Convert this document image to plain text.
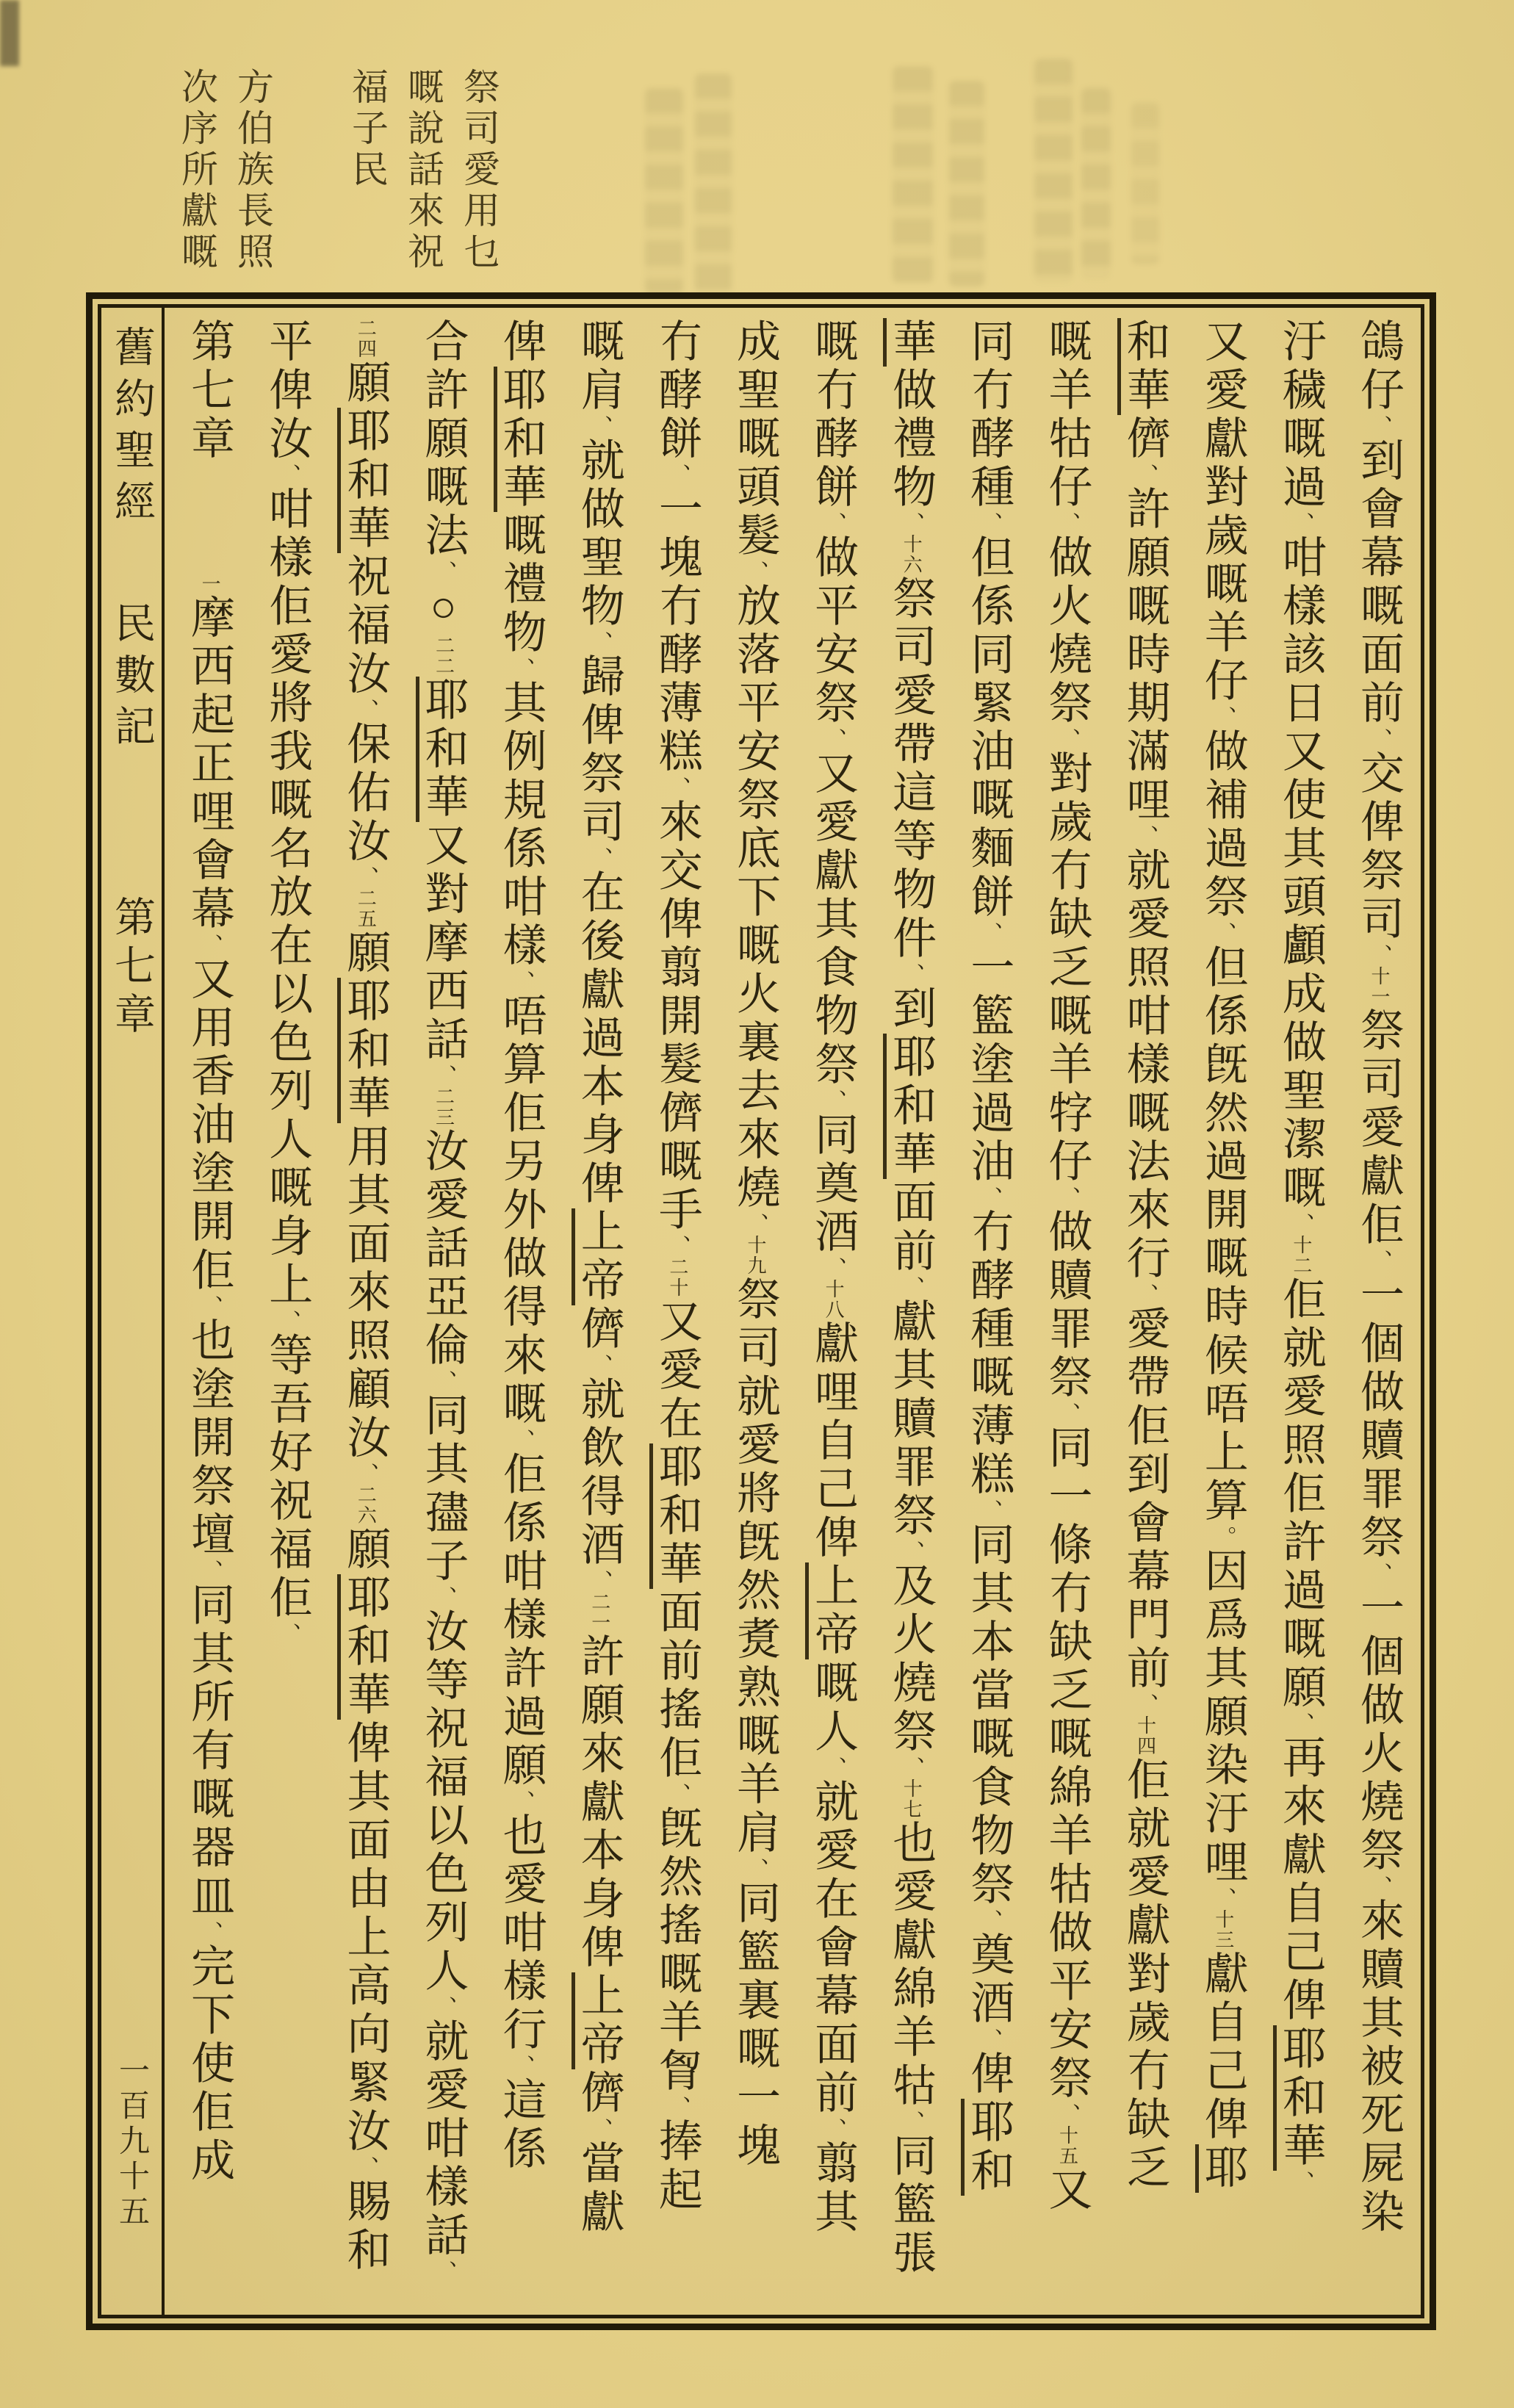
祭司愛用乜
嘅說話來祝
福子民
方伯族長照
次序所獻嘅
鴿仔、到會幕嘅面前、交俾祭司、十一祭司愛獻佢、一個做贖罪祭、一個做火燒祭、來贖其被死屍染
汙穢嘅過、咁樣該日又使其頭顱成做聖潔嘅、十二佢就愛照佢許過嘅願、再來獻自己俾耶和華、
又愛獻對歲嘅羊仔、做補過祭、但係旣然過開嘅時候唔上算。因爲其願染汙哩、十三獻自己俾耶
和華儕、許願嘅時期滿哩、就愛照咁樣嘅法來行、愛帶佢到會幕門前、十四佢就愛獻對歲冇缺乏
嘅羊牯仔、做火燒祭、對歲冇缺乏嘅羊牸仔、做贖罪祭、同一條冇缺乏嘅綿羊牯做平安祭、十五又
同冇酵種、但係同緊油嘅麵餅、一籃塗過油、冇酵種嘅薄糕、同其本當嘅食物祭、奠酒、俾耶和
華做禮物、十六祭司愛帶這等物件、到耶和華面前、獻其贖罪祭、及火燒祭、十七也愛獻綿羊牯、同籃張
嘅冇酵餅、做平安祭、又愛獻其食物祭、同奠酒、十八獻哩自己俾上帝嘅人、就愛在會幕面前、翦其
成聖嘅頭髮、放落平安祭底下嘅火裏去來燒、十九祭司就愛將旣然煑熟嘅羊肩、同籃裏嘅一塊
冇酵餅、一塊冇酵薄糕、來交俾翦開髮儕嘅手、二十又愛在耶和華面前搖佢、旣然搖嘅羊胷、捧起
嘅肩、就做聖物、歸俾祭司、在後獻過本身俾上帝儕、就飲得酒、二一許願來獻本身俾上帝儕、當獻
俾耶和華嘅禮物、其例規係咁樣、唔算佢另外做得來嘅、佢係咁樣許過願、也愛咁樣行、這係
合許願嘅法、○二二耶和華又對摩西話、二三汝愛話亞倫、同其孻子、汝等祝福以色列人、就愛咁樣話、
二四願耶和華祝福汝、保佑汝、二五願耶和華用其面來照顧汝、二六願耶和華俾其面由上高向緊汝、賜和
平俾汝、咁樣佢愛將我嘅名放在以色列人嘅身上、等吾好祝福佢、
第七章一摩西起正哩會幕、又用香油塗開佢、也塗開祭壇、同其所有嘅器皿、完下使佢成
舊約聖經
民數記
第七章
一百九十五
